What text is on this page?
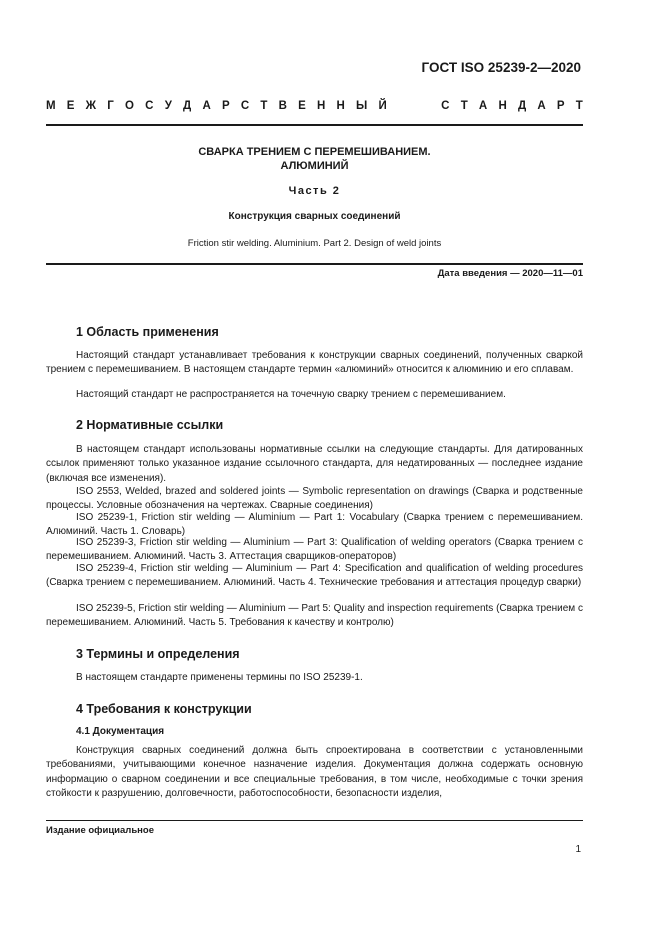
ГОСТ ISO 25239-2—2020
М Е Ж Г О С У Д А Р С Т В Е Н Н Ы Й

	С Т А Н Д А Р Т
СВАРКА ТРЕНИЕМ С ПЕРЕМЕШИВАНИЕМ.
АЛЮМИНИЙ
Часть 2
Конструкция сварных соединений
Friction stir welding. Aluminium. Part 2. Design of weld joints
Дата введения — 2020—11—01
1 Область применения

Настоящий стандарт устанавливает требования к конструкции сварных соединений, полученных сваркой трением с перемешиванием. В настоящем стандарте термин «алюминий» относится к алюминию и его сплавам.

Настоящий стандарт не распространяется на точечную сварку трением с перемешиванием.

2 Нормативные ссылки

В настоящем стандарт использованы нормативные ссылки на следующие стандарты. Для датированных ссылок применяют только указанное издание ссылочного стандарта, для недатированных — последнее издание (включая все изменения).

ISO 2553, Welded, brazed and soldered joints — Symbolic representation on drawings (Сварка и родственные процессы. Условные обозначения на чертежах. Сварные соединения)

ISO 25239-1, Friction stir welding — Aluminium — Part 1: Vocabulary (Сварка трением с перемешиванием. Алюминий. Часть 1. Словарь)

ISO 25239-3, Friction stir welding — Aluminium — Part 3: Qualification of welding operators (Сварка трением с перемешиванием. Алюминий. Часть 3. Аттестация сварщиков-операторов)

ISO 25239-4, Friction stir welding — Aluminium — Part 4: Specification and qualification of welding procedures (Сварка трением с перемешиванием. Алюминий. Часть 4. Технические требования и аттестация процедур сварки)

ISO 25239-5, Friction stir welding — Aluminium — Part 5: Quality and inspection requirements (Сварка трением с перемешиванием. Алюминий. Часть 5. Требования к качеству и контролю)

3 Термины и определения

В настоящем стандарте применены термины по ISO 25239-1.

4 Требования к конструкции
4.1 Документация

Конструкция сварных соединений должна быть спроектирована в соответствии с установленными требованиями, учитывающими конечное назначение изделия. Документация должна содержать основную информацию о сварном соединении и все специальные требования, в том числе, необходимые с точки зрения стойкости к разрушению, долговечности, работоспособности, безопасности изделия,

Издание официальное
1
